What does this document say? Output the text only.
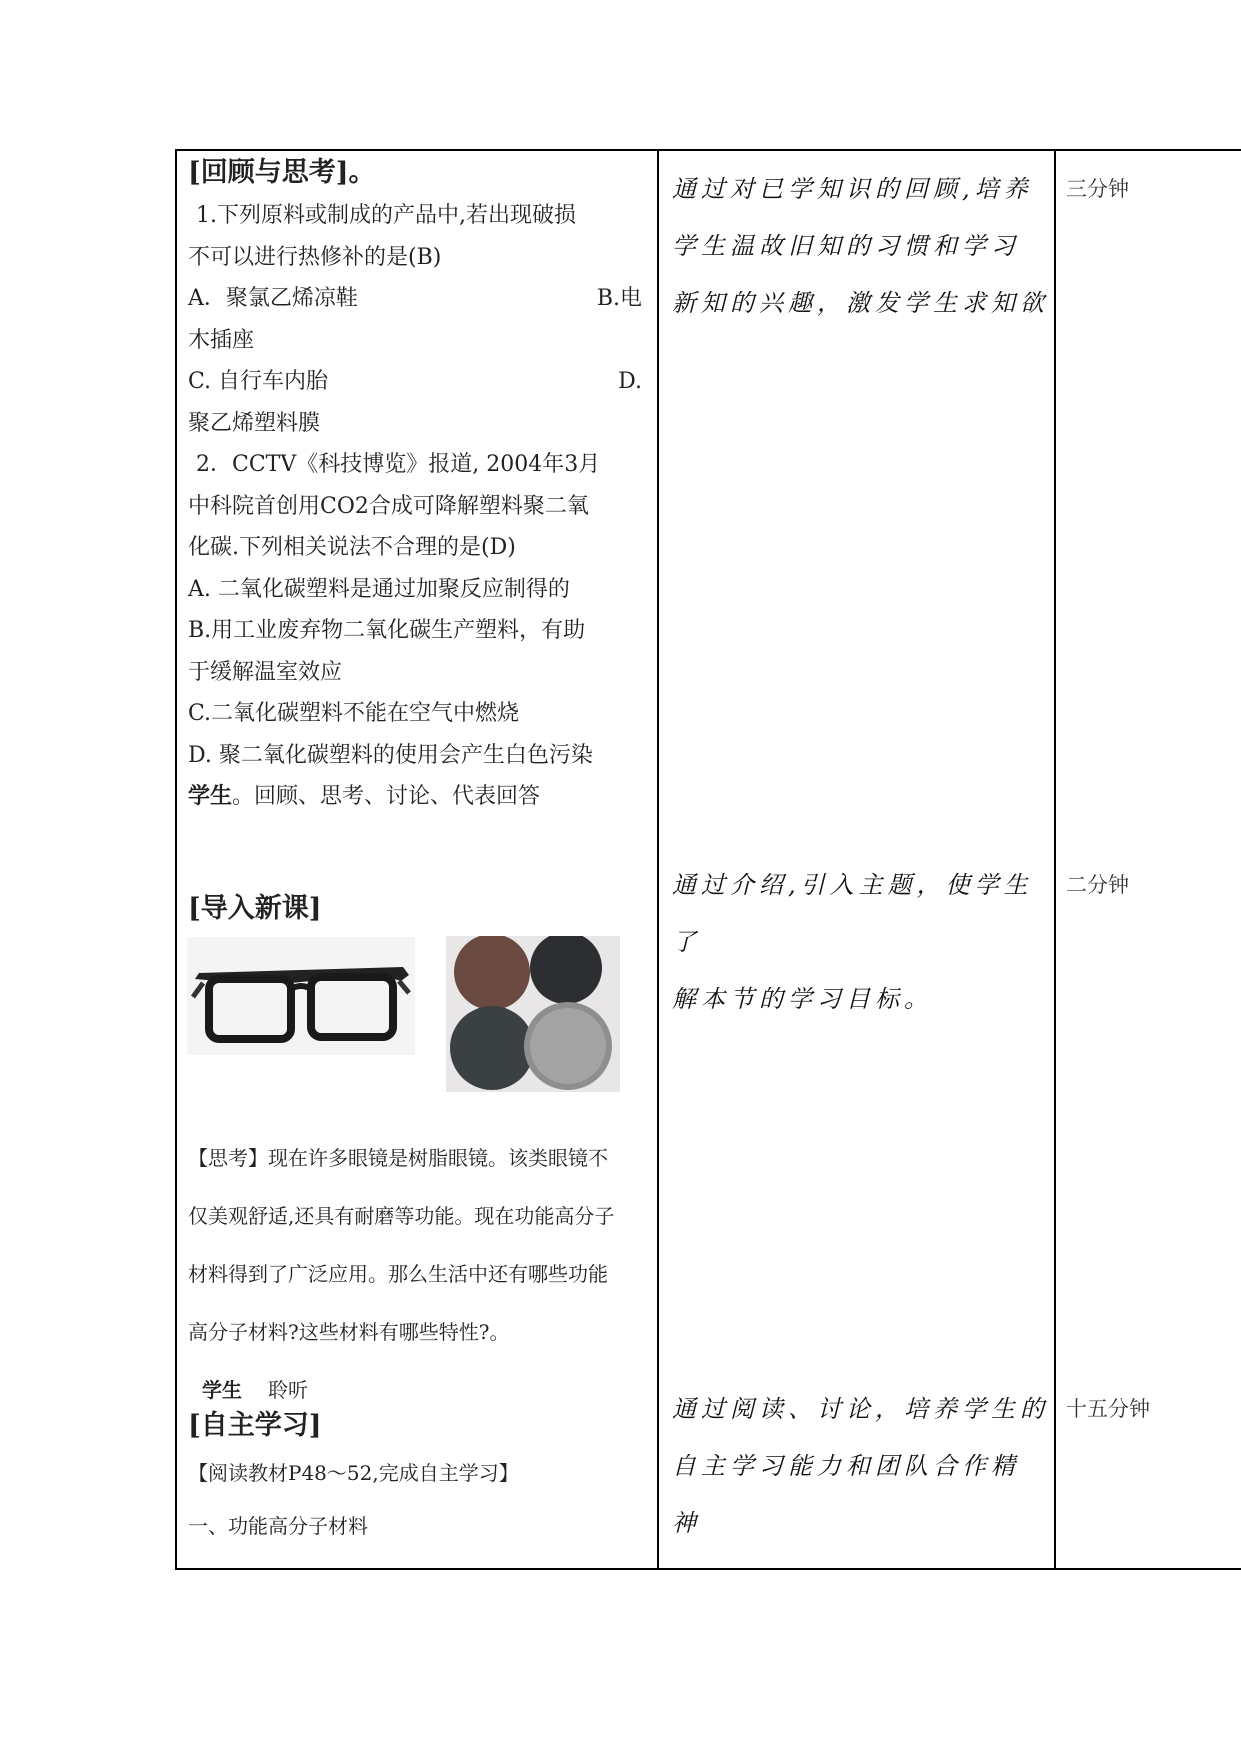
[回顾与思考]。
1.下列原料或制成的产品中,若出现破损
不可以进行热修补的是(B)
A．聚氯乙烯凉鞋	B.电
木插座
C. 自行车内胎	D.
聚乙烯塑料膜
2．CCTV《科技博览》报道, 2004年3月
中科院首创用CO2合成可降解塑料聚二氧
化碳.下列相关说法不合理的是(D)
A. 二氧化碳塑料是通过加聚反应制得的
B.用工业废弃物二氧化碳生产塑料，有助
于缓解温室效应
C.二氧化碳塑料不能在空气中燃烧
D. 聚二氧化碳塑料的使用会产生白色污染
学生。回顾、思考、讨论、代表回答
通过对已学知识的回顾,培养
学生温故旧知的习惯和学习
新知的兴趣，激发学生求知欲
三分钟
[导入新课]
【思考】现在许多眼镜是树脂眼镜。该类眼镜不
仅美观舒适,还具有耐磨等功能。现在功能高分子
材料得到了广泛应用。那么生活中还有哪些功能
高分子材料?这些材料有哪些特性?。
学生 聆听
通过介绍,引入主题，使学生了
解本节的学习目标。
二分钟
[自主学习]
【阅读教材P48～52,完成自主学习】
一、功能高分子材料
通过阅读、讨论，培养学生的
自主学习能力和团队合作精
神
十五分钟
